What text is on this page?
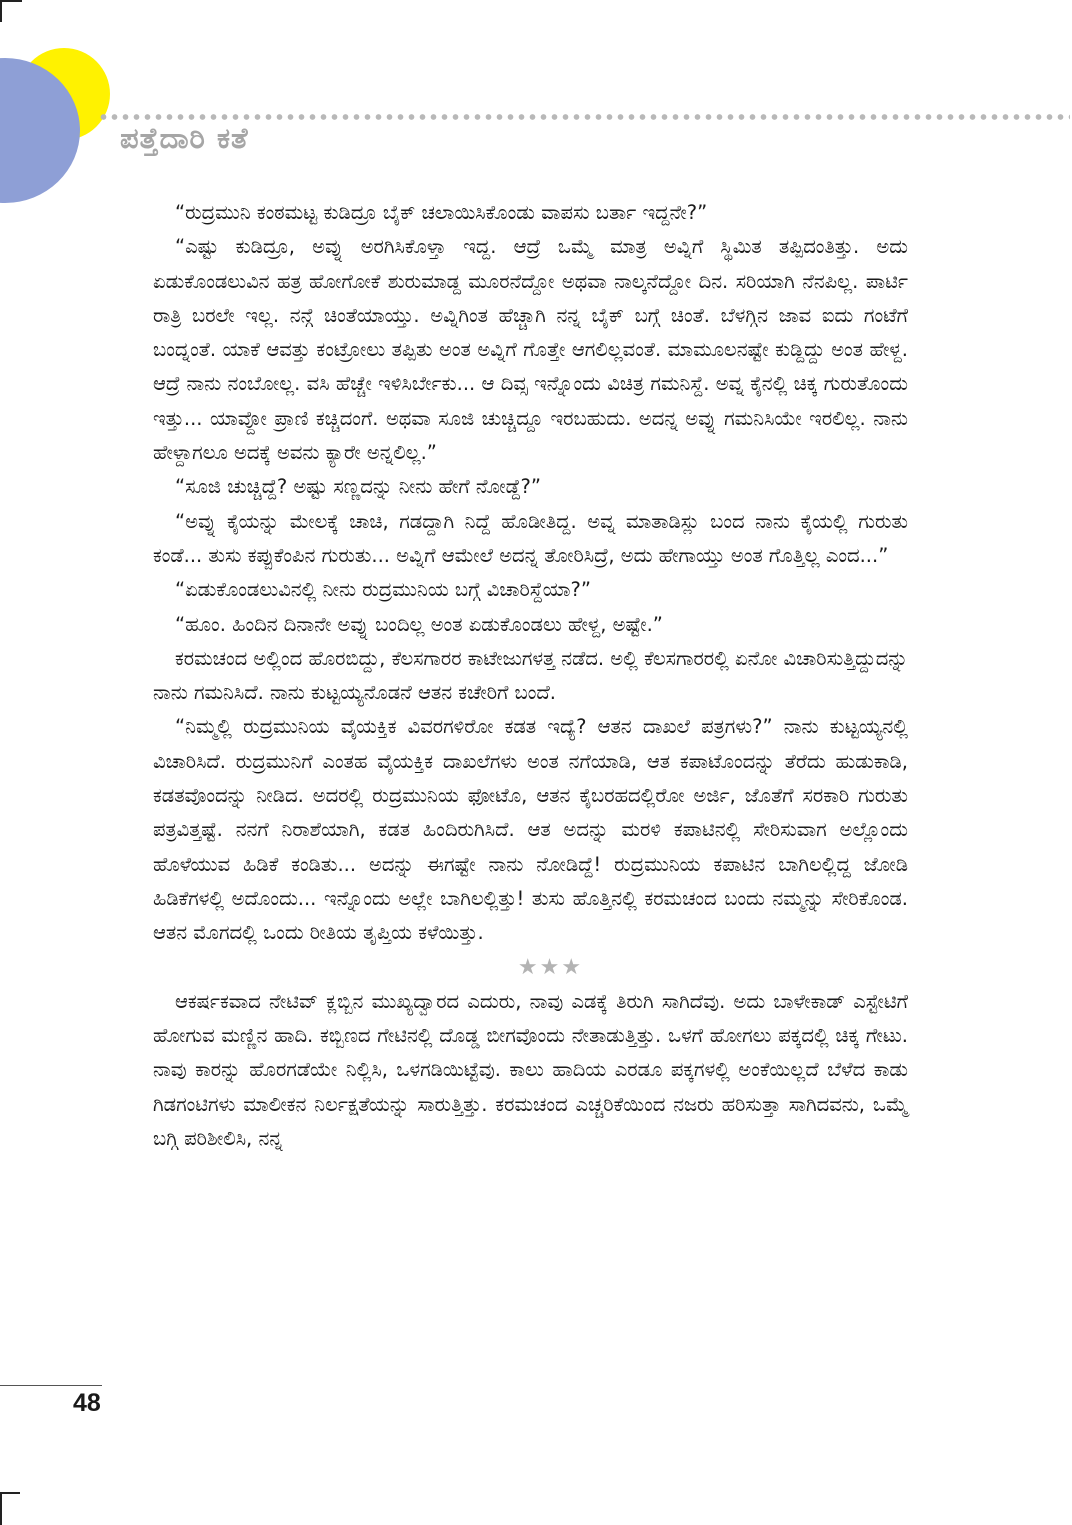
ಪತ್ತೆದಾರಿ ಕತೆ

“ರುದ್ರಮುನಿ ಕಂಠಮಟ್ಟ ಕುಡಿದ್ರೂ ಬೈಕ್ ಚಲಾಯಿಸಿಕೊಂಡು ವಾಪಸು ಬರ್ತಾ ಇದ್ದನೇ?”

“ಎಷ್ಟು ಕುಡಿದ್ರೂ, ಅವ್ನು ಅರಗಿಸಿಕೊಳ್ತಾ ಇದ್ದ. ಆದ್ರೆ ಒಮ್ಮೆ ಮಾತ್ರ ಅವ್ನಿಗೆ ಸ್ಥಿಮಿತ ತಪ್ಪಿದಂತಿತ್ತು. ಅದು ಏಡುಕೊಂಡಲುವಿನ ಹತ್ರ ಹೋಗೋಕೆ ಶುರುಮಾಡ್ದ ಮೂರನೆದ್ದೋ ಅಥವಾ ನಾಲ್ಕನೆದ್ದೋ ದಿನ. ಸರಿಯಾಗಿ ನೆನಪಿಲ್ಲ. ಪಾರ್ಟಿ ರಾತ್ರಿ ಬರಲೇ ಇಲ್ಲ. ನನ್ಗೆ ಚಿಂತೆಯಾಯ್ತು. ಅವ್ನಿಗಿಂತ ಹೆಚ್ಚಾಗಿ ನನ್ನ ಬೈಕ್ ಬಗ್ಗೆ ಚಿಂತೆ. ಬೆಳಗ್ಗಿನ ಜಾವ ಐದು ಗಂಟೆಗೆ ಬಂದ್ನಂತೆ. ಯಾಕೆ ಆವತ್ತು ಕಂಟ್ರೋಲು ತಪ್ಪಿತು ಅಂತ ಅವ್ನಿಗೆ ಗೊತ್ತೇ ಆಗಲಿಲ್ಲವಂತೆ. ಮಾಮೂಲನಷ್ಟೇ ಕುಡ್ದಿದ್ದು ಅಂತ ಹೇಳ್ದ. ಆದ್ರೆ ನಾನು ನಂಬೋಲ್ಲ. ವಸಿ ಹೆಚ್ಚೇ ಇಳಿಸಿರ್ಬೇಕು... ಆ ದಿವ್ಸ ಇನ್ನೊಂದು ವಿಚಿತ್ರ ಗಮನಿಸ್ದೆ. ಅವ್ನ ಕೈನಲ್ಲಿ ಚಿಕ್ಕ ಗುರುತೊಂದು ಇತ್ತು... ಯಾವ್ದೋ ಪ್ರಾಣಿ ಕಚ್ಚಿದಂಗೆ. ಅಥವಾ ಸೂಜಿ ಚುಚ್ಚಿದ್ದೂ ಇರಬಹುದು. ಅದನ್ನ ಅವ್ನು ಗಮನಿಸಿಯೇ ಇರಲಿಲ್ಲ. ನಾನು ಹೇಳ್ದಾಗಲೂ ಅದಕ್ಕೆ ಅವನು ಕ್ಯಾರೇ ಅನ್ನಲಿಲ್ಲ.”

“ಸೂಜಿ ಚುಚ್ಚಿದ್ದೆ? ಅಷ್ಟು ಸಣ್ಣದನ್ನು ನೀನು ಹೇಗೆ ನೋಡ್ದೆ?”

“ಅವ್ನು ಕೈಯನ್ನು ಮೇಲಕ್ಕೆ ಚಾಚಿ, ಗಡದ್ದಾಗಿ ನಿದ್ದೆ ಹೊಡೀತಿದ್ದ. ಅವ್ನ ಮಾತಾಡಿಸ್ಲು ಬಂದ ನಾನು ಕೈಯಲ್ಲಿ ಗುರುತು ಕಂಡೆ... ತುಸು ಕಪ್ಪುಕೆಂಪಿನ ಗುರುತು... ಅವ್ನಿಗೆ ಆಮೇಲೆ ಅದನ್ನ ತೋರಿಸಿದ್ರೆ, ಅದು ಹೇಗಾಯ್ತು ಅಂತ ಗೊತ್ತಿಲ್ಲ ಎಂದ...”

“ಏಡುಕೊಂಡಲುವಿನಲ್ಲಿ ನೀನು ರುದ್ರಮುನಿಯ ಬಗ್ಗೆ ವಿಚಾರಿಸ್ದೆಯಾ?”

“ಹೂಂ. ಹಿಂದಿನ ದಿನಾನೇ ಅವ್ನು ಬಂದಿಲ್ಲ ಅಂತ ಏಡುಕೊಂಡಲು ಹೇಳ್ದ, ಅಷ್ಟೇ.”

ಕರಮಚಂದ ಅಲ್ಲಿಂದ ಹೊರಬಿದ್ದು, ಕೆಲಸಗಾರರ ಕಾಟೇಜುಗಳತ್ತ ನಡೆದ. ಅಲ್ಲಿ ಕೆಲಸಗಾರರಲ್ಲಿ ಏನೋ ವಿಚಾರಿಸುತ್ತಿದ್ದುದನ್ನು ನಾನು ಗಮನಿಸಿದೆ. ನಾನು ಕುಟ್ಟಯ್ಯನೊಡನೆ ಆತನ ಕಚೇರಿಗೆ ಬಂದೆ.

“ನಿಮ್ಮಲ್ಲಿ ರುದ್ರಮುನಿಯ ವೈಯಕ್ತಿಕ ವಿವರಗಳಿರೋ ಕಡತ ಇದ್ಯೆ? ಆತನ ದಾಖಲೆ ಪತ್ರಗಳು?” ನಾನು ಕುಟ್ಟಯ್ಯನಲ್ಲಿ ವಿಚಾರಿಸಿದೆ. ರುದ್ರಮುನಿಗೆ ಎಂತಹ ವೈಯಕ್ತಿಕ ದಾಖಲೆಗಳು ಅಂತ ನಗೆಯಾಡಿ, ಆತ ಕಪಾಟೊಂದನ್ನು ತೆರೆದು ಹುಡುಕಾಡಿ, ಕಡತವೊಂದನ್ನು ನೀಡಿದ. ಅದರಲ್ಲಿ ರುದ್ರಮುನಿಯ ಫೋಟೊ, ಆತನ ಕೈಬರಹದಲ್ಲಿರೋ ಅರ್ಜಿ, ಜೊತೆಗೆ ಸರಕಾರಿ ಗುರುತು ಪತ್ರವಿತ್ತಷ್ಟೆ. ನನಗೆ ನಿರಾಶೆಯಾಗಿ, ಕಡತ ಹಿಂದಿರುಗಿಸಿದೆ. ಆತ ಅದನ್ನು ಮರಳಿ ಕಪಾಟಿನಲ್ಲಿ ಸೇರಿಸುವಾಗ ಅಲ್ಲೊಂದು ಹೊಳೆಯುವ ಹಿಡಿಕೆ ಕಂಡಿತು... ಅದನ್ನು ಈಗಷ್ಟೇ ನಾನು ನೋಡಿದ್ದೆ! ರುದ್ರಮುನಿಯ ಕಪಾಟಿನ ಬಾಗಿಲಲ್ಲಿದ್ದ ಜೋಡಿ ಹಿಡಿಕೆಗಳಲ್ಲಿ ಅದೊಂದು... ಇನ್ನೊಂದು ಅಲ್ಲೇ ಬಾಗಿಲಲ್ಲಿತ್ತು! ತುಸು ಹೊತ್ತಿನಲ್ಲಿ ಕರಮಚಂದ ಬಂದು ನಮ್ಮನ್ನು ಸೇರಿಕೊಂಡ. ಆತನ ಮೊಗದಲ್ಲಿ ಒಂದು ರೀತಿಯ ತೃಪ್ತಿಯ ಕಳೆಯಿತ್ತು.

★★★

ಆಕರ್ಷಕವಾದ ನೇಟಿವ್ ಕ್ಲಬ್ಬಿನ ಮುಖ್ಯದ್ವಾರದ ಎದುರು, ನಾವು ಎಡಕ್ಕೆ ತಿರುಗಿ ಸಾಗಿದೆವು. ಅದು ಬಾಳೇಕಾಡ್ ಎಸ್ಟೇಟಿಗೆ ಹೋಗುವ ಮಣ್ಣಿನ ಹಾದಿ. ಕಬ್ಬಿಣದ ಗೇಟಿನಲ್ಲಿ ದೊಡ್ಡ ಬೀಗವೊಂದು ನೇತಾಡುತ್ತಿತ್ತು. ಒಳಗೆ ಹೋಗಲು ಪಕ್ಕದಲ್ಲಿ ಚಿಕ್ಕ ಗೇಟು. ನಾವು ಕಾರನ್ನು ಹೊರಗಡೆಯೇ ನಿಲ್ಲಿಸಿ, ಒಳಗಡಿಯಿಟ್ಟೆವು. ಕಾಲು ಹಾದಿಯ ಎರಡೂ ಪಕ್ಕಗಳಲ್ಲಿ ಅಂಕೆಯಿಲ್ಲದೆ ಬೆಳೆದ ಕಾಡು ಗಿಡಗಂಟಿಗಳು ಮಾಲೀಕನ ನಿರ್ಲಕ್ಷತೆಯನ್ನು ಸಾರುತ್ತಿತ್ತು. ಕರಮಚಂದ ಎಚ್ಚರಿಕೆಯಿಂದ ನಜರು ಹರಿಸುತ್ತಾ ಸಾಗಿದವನು, ಒಮ್ಮೆ ಬಗ್ಗಿ ಪರಿಶೀಲಿಸಿ, ನನ್ನ

48
